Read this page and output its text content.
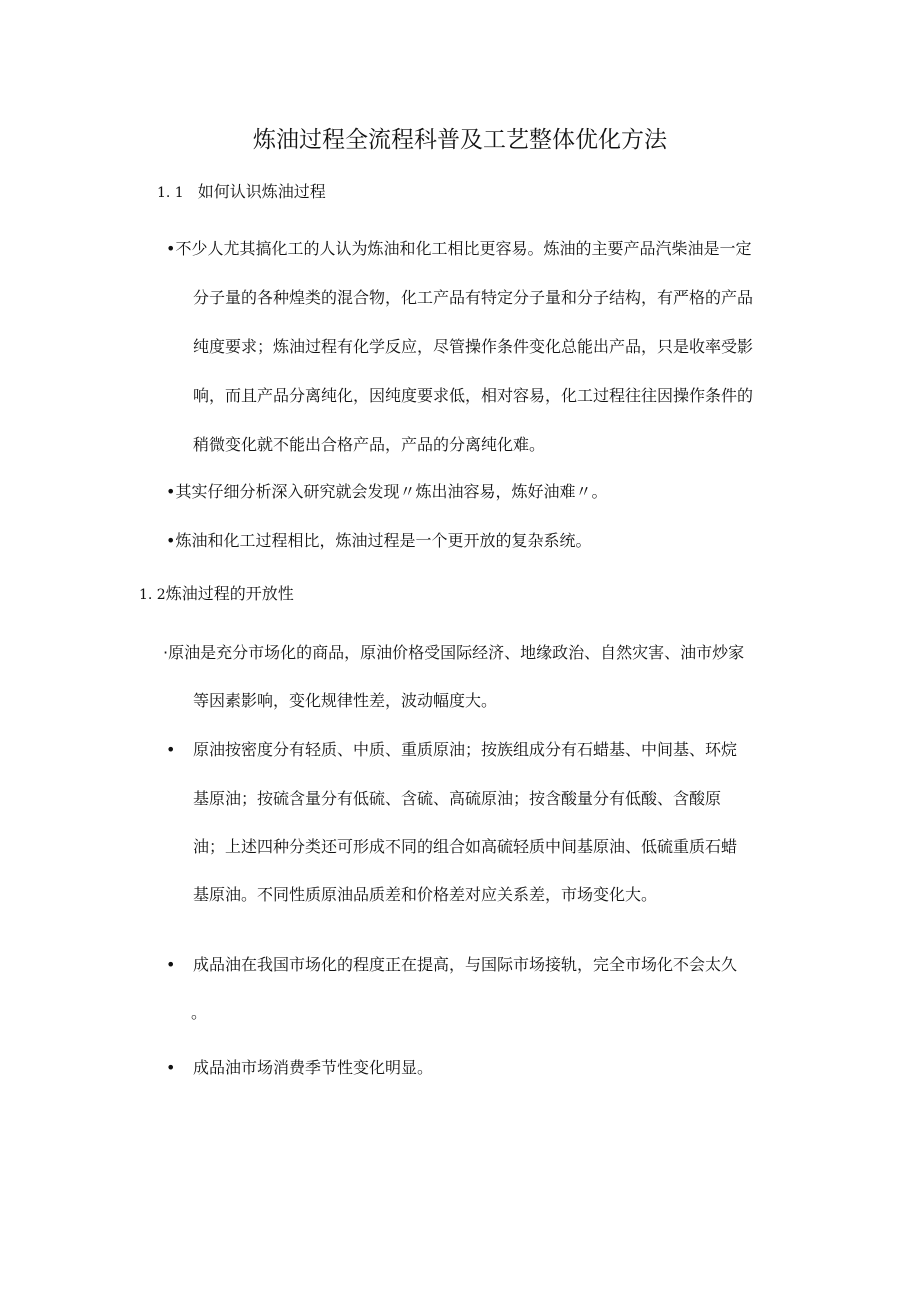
炼油过程全流程科普及工艺整体优化方法
1. 1 如何认识炼油过程
•不少人尤其搞化工的人认为炼油和化工相比更容易。炼油的主要产品汽柴油是一定
分子量的各种煌类的混合物，化工产品有特定分子量和分子结构，有严格的产品
纯度要求；炼油过程有化学反应，尽管操作条件变化总能出产品，只是收率受影
响，而且产品分离纯化，因纯度要求低，相对容易，化工过程往往因操作条件的
稍微变化就不能出合格产品，产品的分离纯化难。
•其实仔细分析深入研究就会发现〃炼出油容易，炼好油难〃。
•炼油和化工过程相比，炼油过程是一个更开放的复杂系统。
1. 2炼油过程的开放性
·原油是充分市场化的商品，原油价格受国际经济、地缘政治、自然灾害、油市炒家
等因素影响，变化规律性差，波动幅度大。
• 原油按密度分有轻质、中质、重质原油；按族组成分有石蜡基、中间基、环烷
基原油；按硫含量分有低硫、含硫、高硫原油；按含酸量分有低酸、含酸原
油；上述四种分类还可形成不同的组合如高硫轻质中间基原油、低硫重质石蜡
基原油。不同性质原油品质差和价格差对应关系差，市场变化大。
• 成品油在我国市场化的程度正在提高，与国际市场接轨，完全市场化不会太久
。
• 成品油市场消费季节性变化明显。
